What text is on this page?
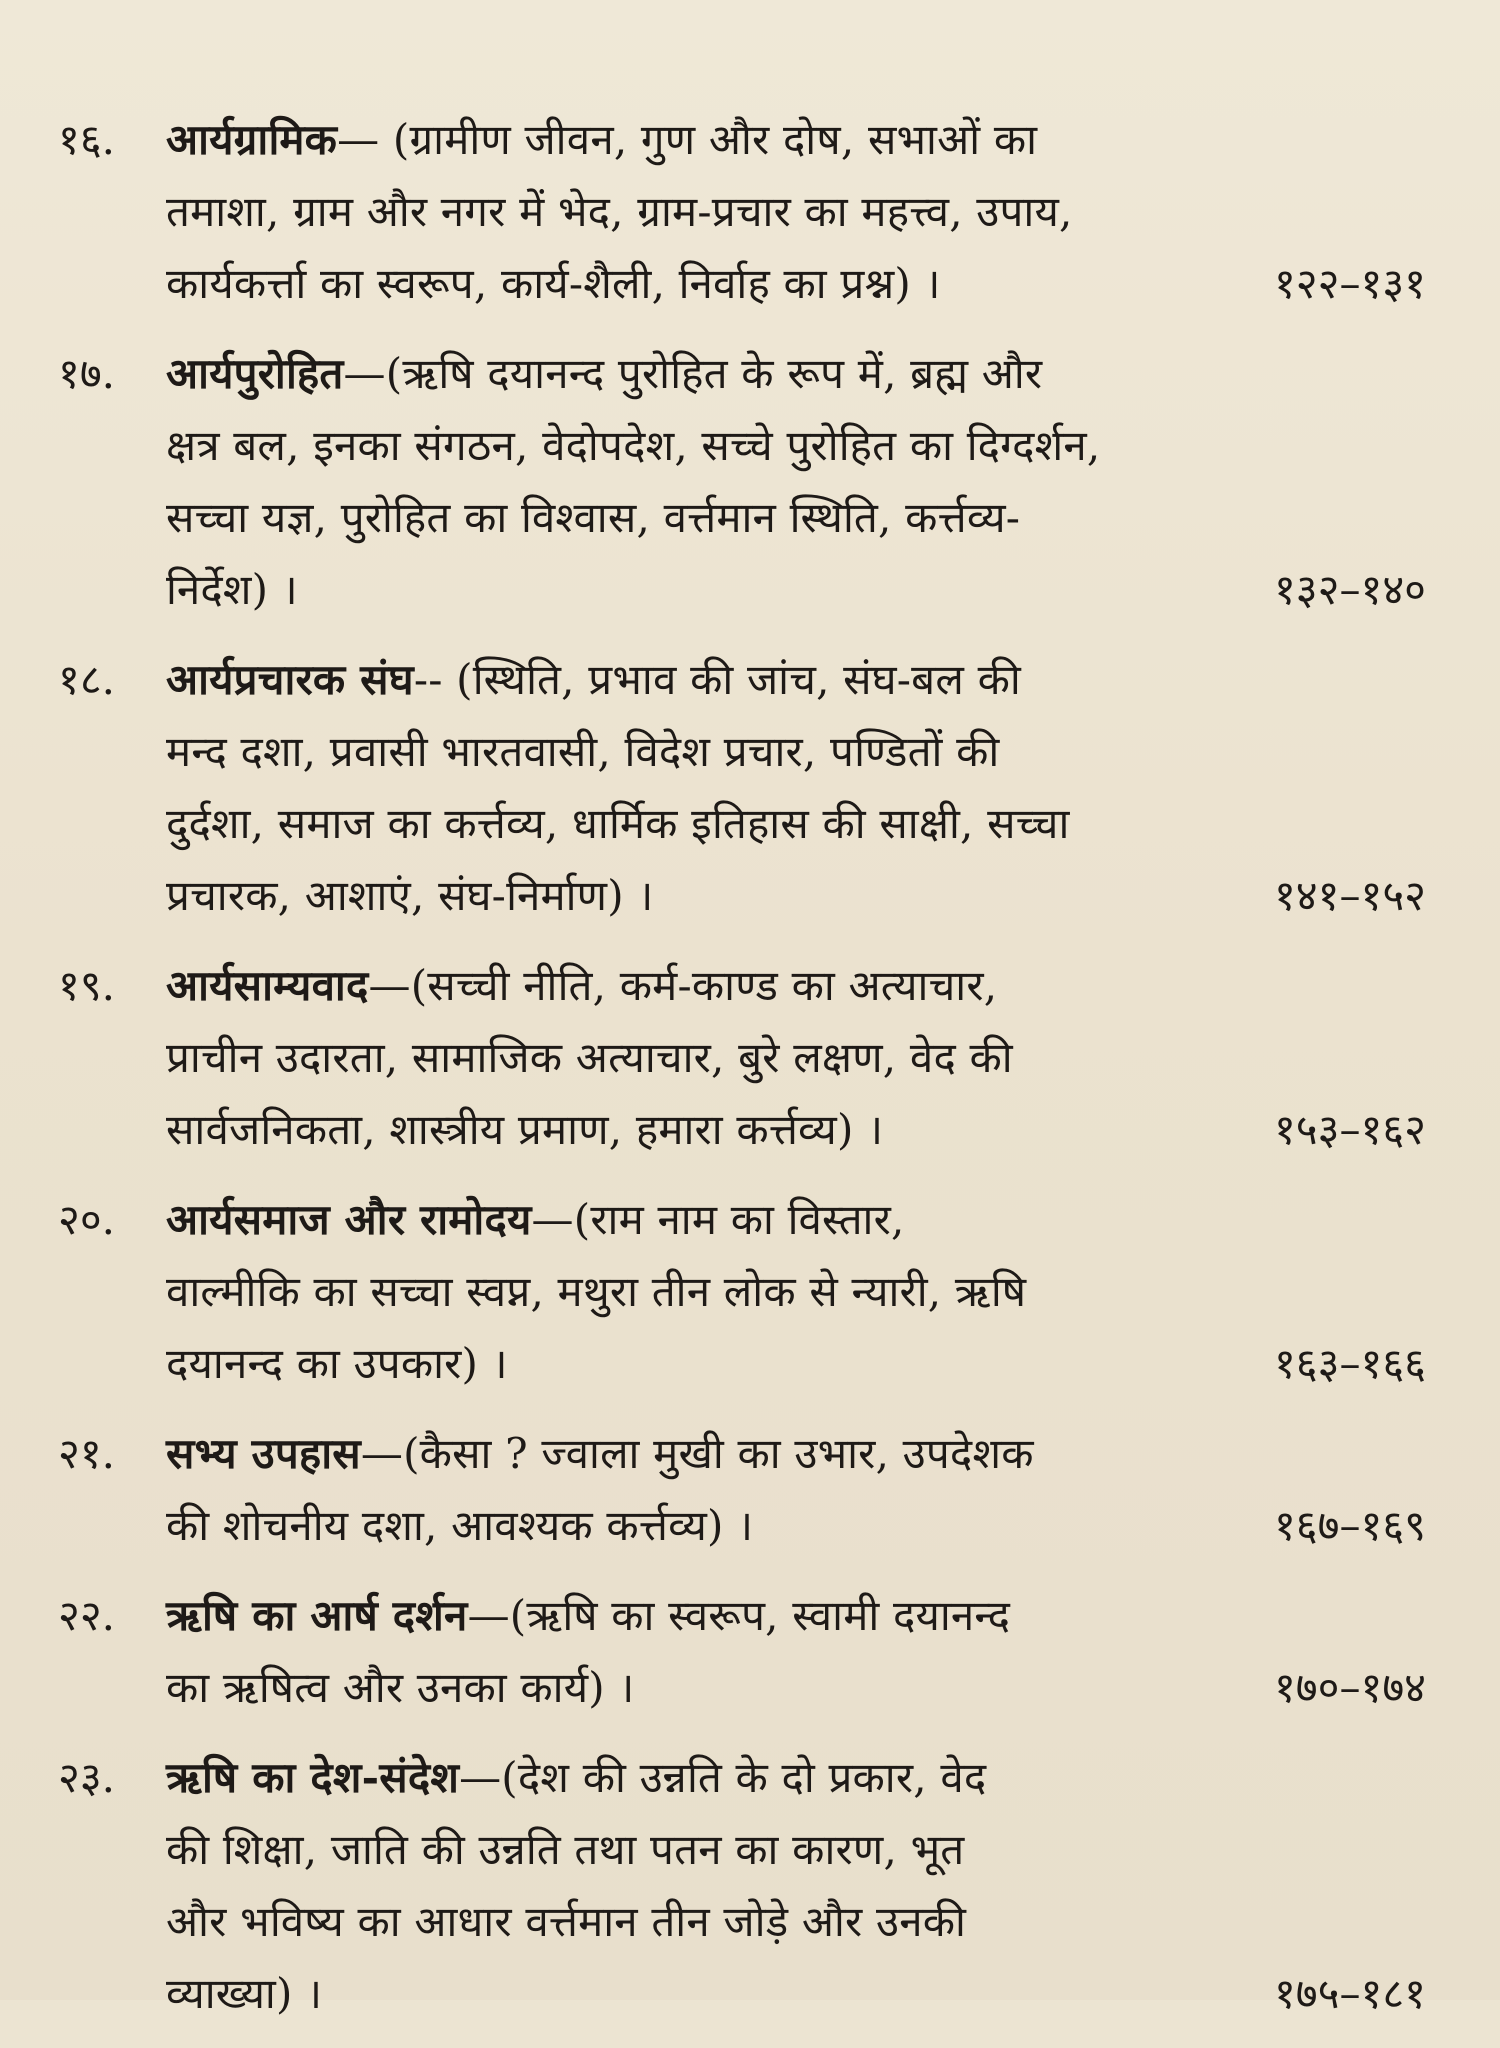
१६.	आर्यग्रामिक— (ग्रामीण जीवन, गुण और दोष, सभाओं का
तमाशा, ग्राम और नगर में भेद, ग्राम-प्रचार का महत्त्व, उपाय,
कार्यकर्त्ता का स्वरूप, कार्य-शैली, निर्वाह का प्रश्न) ।	१२२–१३१
१७.	आर्यपुरोहित—(ऋषि दयानन्द पुरोहित के रूप में, ब्रह्म और
क्षत्र बल, इनका संगठन, वेदोपदेश, सच्चे पुरोहित का दिग्दर्शन,
सच्चा यज्ञ, पुरोहित का विश्वास, वर्त्तमान स्थिति, कर्त्तव्य-
निर्देश) ।	१३२–१४०
१८.	आर्यप्रचारक संघ-- (स्थिति, प्रभाव की जांच, संघ-बल की
मन्द दशा, प्रवासी भारतवासी, विदेश प्रचार, पण्डितों की
दुर्दशा, समाज का कर्त्तव्य, धार्मिक इतिहास की साक्षी, सच्चा
प्रचारक, आशाएं, संघ-निर्माण) ।	१४१–१५२
१९.	आर्यसाम्यवाद—(सच्ची नीति, कर्म-काण्ड का अत्याचार,
प्राचीन उदारता, सामाजिक अत्याचार, बुरे लक्षण, वेद की
सार्वजनिकता, शास्त्रीय प्रमाण, हमारा कर्त्तव्य) ।	१५३–१६२
२०.	आर्यसमाज और रामोदय—(राम नाम का विस्तार,
वाल्मीकि का सच्चा स्वप्न, मथुरा तीन लोक से न्यारी, ऋषि
दयानन्द का उपकार) ।	१६३–१६६
२१.	सभ्य उपहास—(कैसा ? ज्वाला मुखी का उभार, उपदेशक
की शोचनीय दशा, आवश्यक कर्त्तव्य) ।	१६७–१६९
२२.	ऋषि का आर्ष दर्शन—(ऋषि का स्वरूप, स्वामी दयानन्द
का ऋषित्व और उनका कार्य) ।	१७०–१७४
२३.	ऋषि का देश-संदेश—(देश की उन्नति के दो प्रकार, वेद
की शिक्षा, जाति की उन्नति तथा पतन का कारण, भूत
और भविष्य का आधार वर्त्तमान तीन जोड़े और उनकी
व्याख्या) ।	१७५–१८१
